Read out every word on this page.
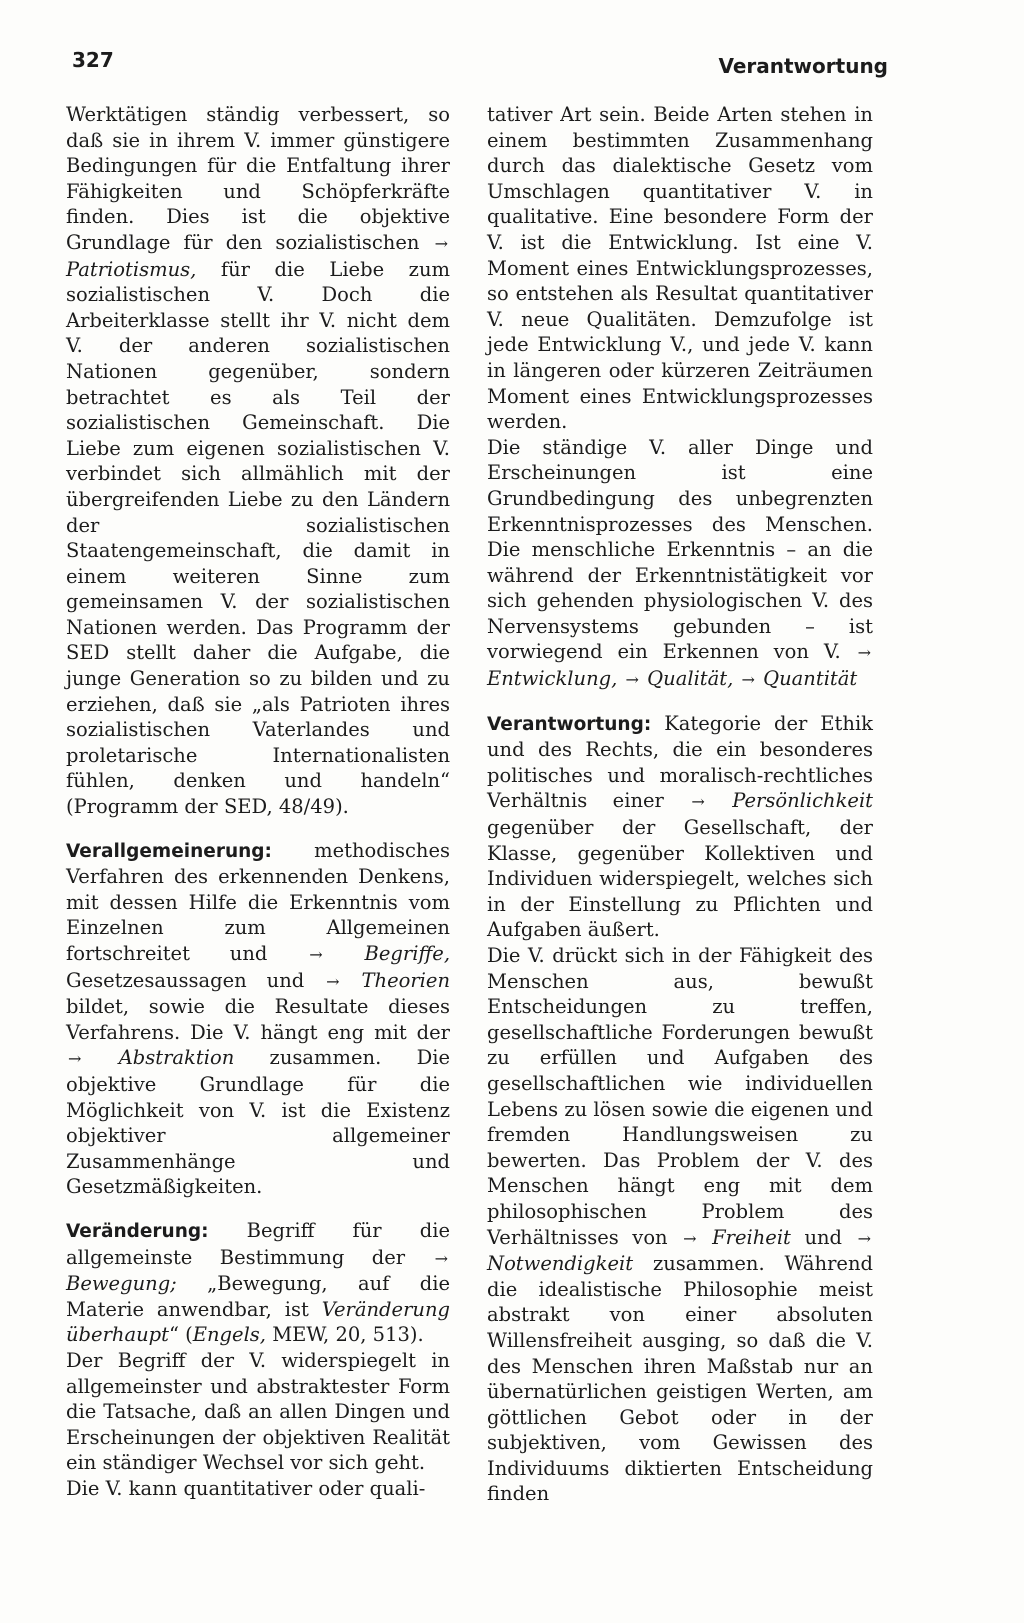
327	Verantwortung

Werktätigen ständig verbessert, so daß sie in ihrem V. immer günstigere Bedingungen für die Entfaltung ihrer Fähigkeiten und Schöpferkräfte finden. Dies ist die objektive Grundlage für den sozialistischen → Patriotismus, für die Liebe zum sozialistischen V. Doch die Arbeiterklasse stellt ihr V. nicht dem V. der anderen sozialistischen Nationen gegenüber, sondern betrachtet es als Teil der sozialistischen Gemeinschaft. Die Liebe zum eigenen sozialistischen V. verbindet sich allmählich mit der übergreifenden Liebe zu den Ländern der sozialistischen Staatengemeinschaft, die damit in einem weiteren Sinne zum gemeinsamen V. der sozialistischen Nationen werden. Das Programm der SED stellt daher die Aufgabe, die junge Generation so zu bilden und zu erziehen, daß sie „als Patrioten ihres sozialistischen Vaterlandes und proletarische Internationalisten fühlen, denken und handeln“ (Programm der SED, 48/49).

Verallgemeinerung: methodisches Verfahren des erkennenden Denkens, mit dessen Hilfe die Erkenntnis vom Einzelnen zum Allgemeinen fortschreitet und	→ Begriffe, Gesetzesaussagen und → Theorien bildet, sowie die Resultate dieses Verfahrens. Die V. hängt eng mit der → Abstraktion zusammen. Die objektive Grundlage für die Möglichkeit von V. ist die Existenz objektiver allgemeiner Zusammenhänge und Gesetzmäßigkeiten.

Veränderung: Begriff für die allgemeinste Bestimmung der → Bewegung; „Bewegung, auf die Materie anwendbar, ist Veränderung überhaupt“ (Engels, MEW, 20, 513).

Der Begriff der V. widerspiegelt in allgemeinster und abstraktester Form die Tatsache, daß an allen Dingen und Erscheinungen der objektiven Realität ein ständiger Wechsel vor sich geht.

Die V. kann quantitativer oder quali-

tativer Art sein. Beide Arten stehen in einem bestimmten Zusammenhang durch das dialektische Gesetz vom Umschlagen quantitativer V. in qualitative. Eine besondere Form der V. ist die Entwicklung. Ist eine V. Moment eines Entwicklungsprozesses, so entstehen als Resultat quantitativer V. neue Qualitäten. Demzufolge ist jede Entwicklung V., und jede V. kann in längeren oder kürzeren Zeiträumen Moment eines Entwicklungsprozesses werden.

Die ständige V. aller Dinge und Erscheinungen ist eine Grundbedingung des unbegrenzten Erkenntnisprozesses des Menschen. Die menschliche Erkenntnis – an die während der Erkenntnistätigkeit vor sich gehenden physiologischen V. des Nervensystems gebunden – ist vorwiegend ein Erkennen von V. → Entwicklung, → Qualität, → Quantität

Verantwortung: Kategorie der Ethik und des Rechts, die ein besonderes politisches und moralisch-rechtliches Verhältnis einer → Persönlichkeit gegenüber der Gesellschaft, der Klasse, gegenüber Kollektiven und Individuen widerspiegelt, welches sich in der Einstellung zu Pflichten und Aufgaben äußert.

Die V. drückt sich in der Fähigkeit des Menschen aus, bewußt Entscheidungen zu treffen, gesellschaftliche Forderungen bewußt zu erfüllen und Aufgaben des gesellschaftlichen wie individuellen Lebens zu lösen sowie die eigenen und fremden Handlungsweisen zu bewerten. Das Problem der V. des Menschen hängt eng mit dem philosophischen Problem des Verhältnisses von → Freiheit und → Notwendigkeit zusammen. Während die idealistische Philosophie meist abstrakt von einer absoluten Willensfreiheit ausging, so daß die V. des Menschen ihren Maßstab nur an übernatürlichen geistigen Werten, am göttlichen Gebot oder in der subjektiven, vom Gewissen des Individuums diktierten Entscheidung finden
